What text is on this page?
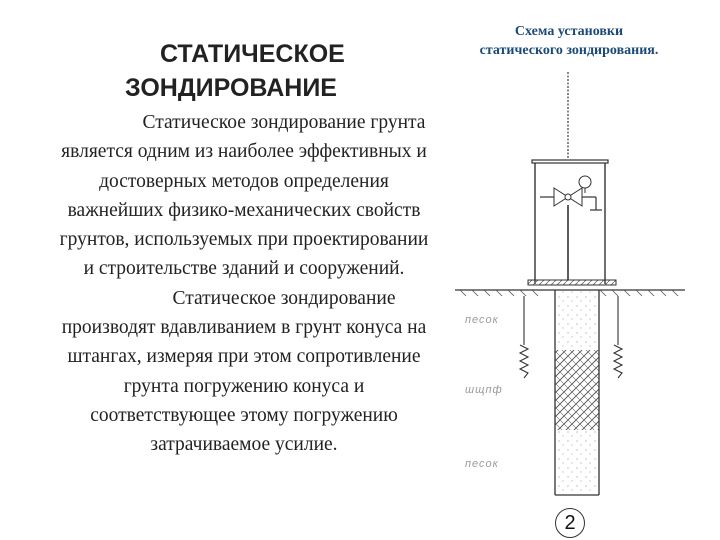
СТАТИЧЕСКОЕ
ЗОНДИРОВАНИЕ

Статическое зондирование грунта является одним из наиболее эффективных и достоверных методов определения важнейших физико-механических свойств грунтов, используемых при проектировании и строительстве зданий и сооружений.

Статическое зондирование производят вдавливанием в грунт конуса на штангах, измеряя при этом сопротивление грунта погружению конуса и соответствующее этому погружению затрачиваемое усилие.

Схема установки
статического зондирования.
песок
шщпф
песок
2
